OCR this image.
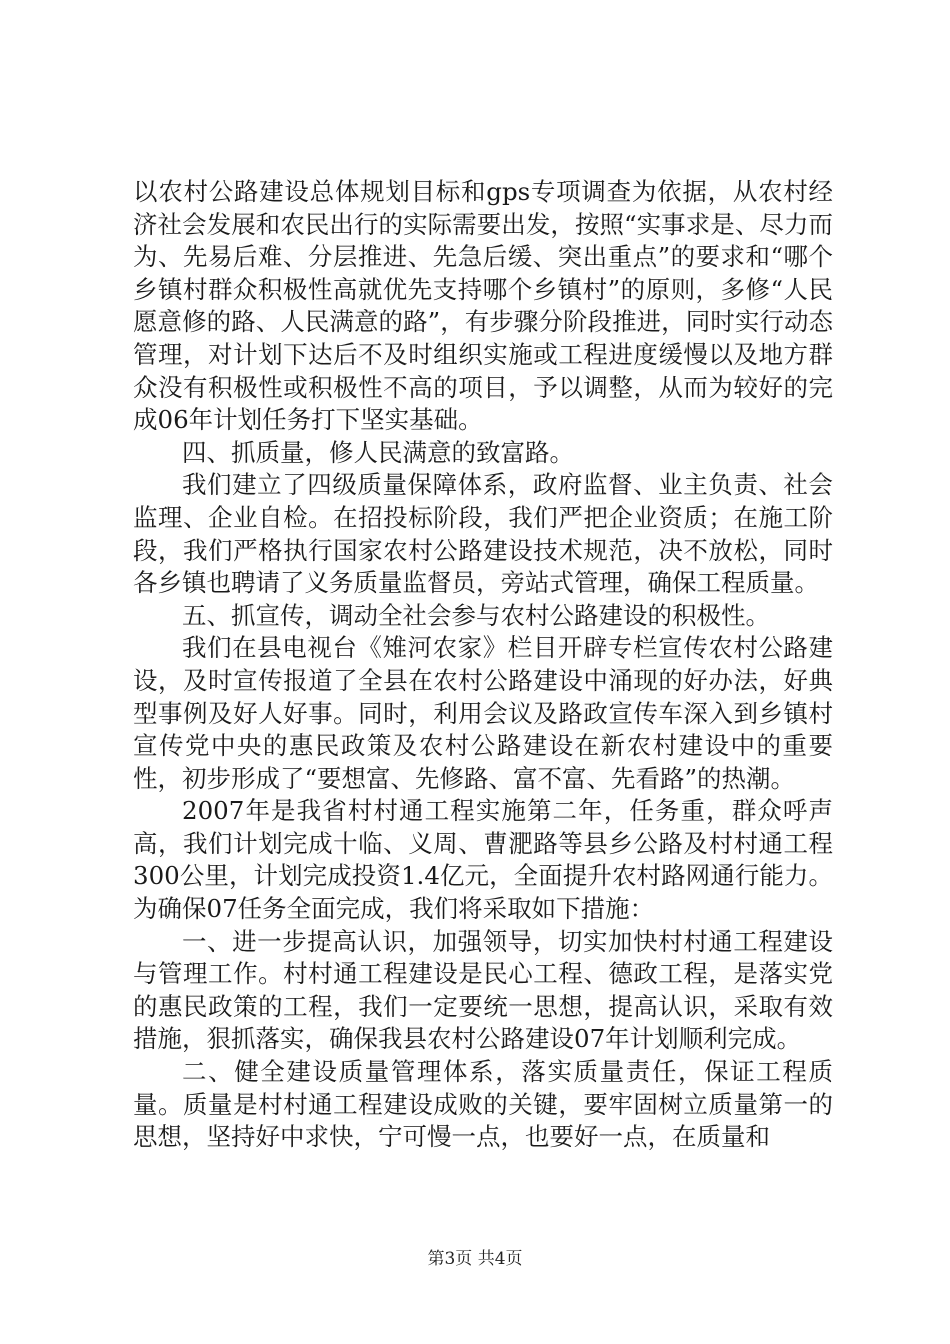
以农村公路建设总体规划目标和gps专项调查为依据，从农村经济社会发展和农民出行的实际需要出发，按照“实事求是、尽力而为、先易后难、分层推进、先急后缓、突出重点”的要求和“哪个乡镇村群众积极性高就优先支持哪个乡镇村”的原则，多修“人民愿意修的路、人民满意的路”，有步骤分阶段推进，同时实行动态管理，对计划下达后不及时组织实施或工程进度缓慢以及地方群众没有积极性或积极性不高的项目，予以调整，从而为较好的完成06年计划任务打下坚实基础。

四、抓质量，修人民满意的致富路。

我们建立了四级质量保障体系，政府监督、业主负责、社会监理、企业自检。在招投标阶段，我们严把企业资质；在施工阶段，我们严格执行国家农村公路建设技术规范，决不放松，同时各乡镇也聘请了义务质量监督员，旁站式管理，确保工程质量。

五、抓宣传，调动全社会参与农村公路建设的积极性。

我们在县电视台《雉河农家》栏目开辟专栏宣传农村公路建设，及时宣传报道了全县在农村公路建设中涌现的好办法，好典型事例及好人好事。同时，利用会议及路政宣传车深入到乡镇村宣传党中央的惠民政策及农村公路建设在新农村建设中的重要性，初步形成了“要想富、先修路、富不富、先看路”的热潮。

2007年是我省村村通工程实施第二年，任务重，群众呼声高，我们计划完成十临、义周、曹淝路等县乡公路及村村通工程300公里，计划完成投资1.4亿元，全面提升农村路网通行能力。为确保07任务全面完成，我们将采取如下措施：

一、进一步提高认识，加强领导，切实加快村村通工程建设与管理工作。村村通工程建设是民心工程、德政工程，是落实党的惠民政策的工程，我们一定要统一思想，提高认识，采取有效措施，狠抓落实，确保我县农村公路建设07年计划顺利完成。

二、健全建设质量管理体系，落实质量责任，保证工程质量。质量是村村通工程建设成败的关键，要牢固树立质量第一的思想，坚持好中求快，宁可慢一点，也要好一点，在质量和

第3页 共4页
